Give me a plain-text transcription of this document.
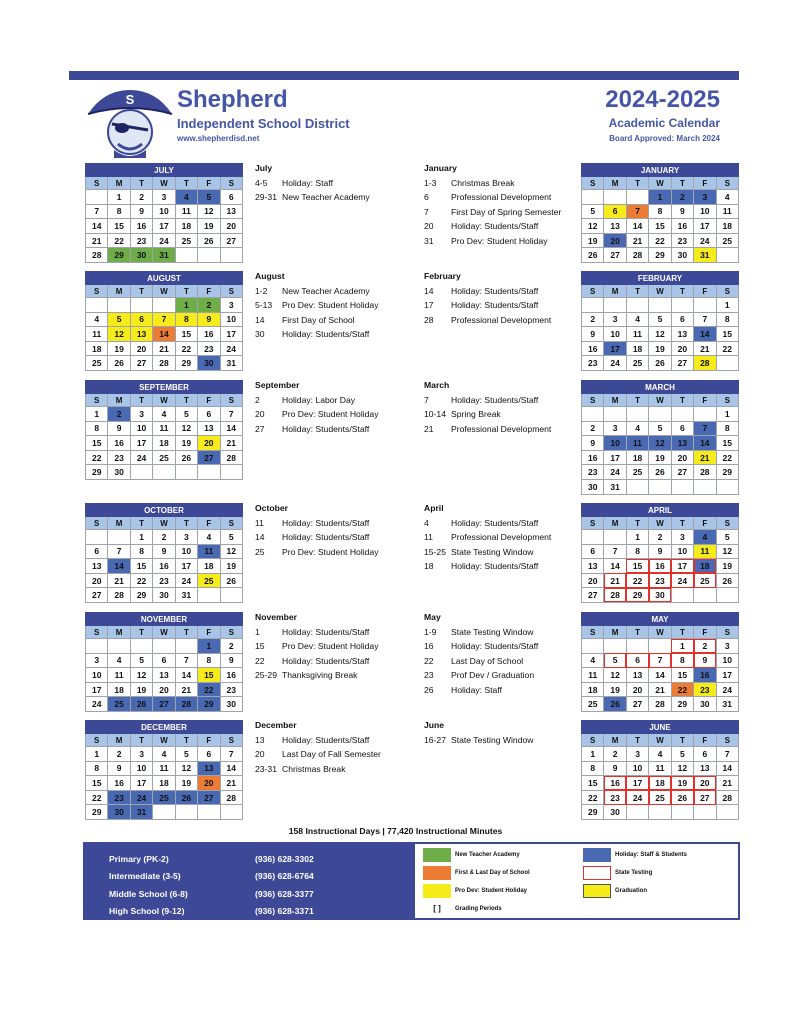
S Shepherd
Independent School District
www.shepherdisd.net
2024-2025
Academic Calendar
Board Approved: March 2024
JULY						
S	M	T	W	T	F	S
	1	2	3	4	5	6
7	8	9	10	11	12	13
14	15	16	17	18	19	20
21	22	23	24	25	26	27
28	29	30	31			
AUGUST						
S	M	T	W	T	F	S
				1	2	3
4	5	6	7	8	9	10
11	12	13	14	15	16	17
18	19	20	21	22	23	24
25	26	27	28	29	30	31
SEPTEMBER						
S	M	T	W	T	F	S
1	2	3	4	5	6	7
8	9	10	11	12	13	14
15	16	17	18	19	20	21
22	23	24	25	26	27	28
29	30					
OCTOBER						
S	M	T	W	T	F	S
		1	2	3	4	5
6	7	8	9	10	11	12
13	14	15	16	17	18	19
20	21	22	23	24	25	26
27	28	29	30	31		
NOVEMBER						
S	M	T	W	T	F	S
					1	2
3	4	5	6	7	8	9
10	11	12	13	14	15	16
17	18	19	20	21	22	23
24	25	26	27	28	29	30
DECEMBER						
S	M	T	W	T	F	S
1	2	3	4	5	6	7
8	9	10	11	12	13	14
15	16	17	18	19	20	21
22	23	24	25	26	27	28
29	30	31				
JANUARY						
S	M	T	W	T	F	S
			1	2	3	4
5	6	7	8	9	10	11
12	13	14	15	16	17	18
19	20	21	22	23	24	25
26	27	28	29	30	31	
FEBRUARY						
S	M	T	W	T	F	S
						1
2	3	4	5	6	7	8
9	10	11	12	13	14	15
16	17	18	19	20	21	22
23	24	25	26	27	28	
MARCH						
S	M	T	W	T	F	S
						1
2	3	4	5	6	7	8
9	10	11	12	13	14	15
16	17	18	19	20	21	22
23	24	25	26	27	28	29
30	31					
APRIL						
S	M	T	W	T	F	S
		1	2	3	4	5
6	7	8	9	10	11	12
13	14	15	16	17	18	19
20	21	22	23	24	25	26
27	28	29	30			
MAY						
S	M	T	W	T	F	S
				1	2	3
4	5	6	7	8	9	10
11	12	13	14	15	16	17
18	19	20	21	22	23	24
25	26	27	28	29	30	31
JUNE						
S	M	T	W	T	F	S
1	2	3	4	5	6	7
8	9	10	11	12	13	14
15	16	17	18	19	20	21
22	23	24	25	26	27	28
29	30					
July
4-5	Holiday: Staff
29-31 New Teacher Academy
August
1-2	New Teacher Academy
5-13	Pro Dev: Student Holiday
14	First Day of School
30	Holiday: Students/Staff
September
2	Holiday: Labor Day
20	Pro Dev: Student Holiday
27	Holiday: Students/Staff
October
11	Holiday: Students/Staff
14	Holiday: Students/Staff
25	Pro Dev: Student Holiday
November
1	Holiday: Students/Staff
15	Pro Dev: Student Holiday
22	Holiday: Students/Staff
25-29 Thanksgiving Break
December
13	Holiday: Students/Staff
20	Last Day of Fall Semester
23-31 Christmas Break
January
1-3	Christmas Break
6	Professional Development
7	First Day of Spring Semester
20	Holiday: Students/Staff
31	Pro Dev: Student Holiday
February
14	Holiday: Students/Staff
17	Holiday: Students/Staff
28	Professional Development
March
7	Holiday: Students/Staff
10-14 Spring Break
21	Professional Development
April
4	Holiday: Students/Staff
11	Professional Development
15-25 State Testing Window
18	Holiday: Students/Staff
May
1-9	State Testing Window
16	Holiday: Students/Staff
22	Last Day of School
23	Prof Dev / Graduation
26	Holiday: Staff
June
16-27 State Testing Window
158 Instructional Days | 77,420 Instructional Minutes
Primary (PK-2)	(936) 628-3302
Intermediate (3-5)	(936) 628-6764
Middle School (6-8)	(936) 628-3377
High School (9-12)	(936) 628-3371
New Teacher Academy
First & Last Day of School
Pro Dev: Student Holiday
[ ]	Grading Periods
Holiday: Staff & Students
State Testing
Graduation
